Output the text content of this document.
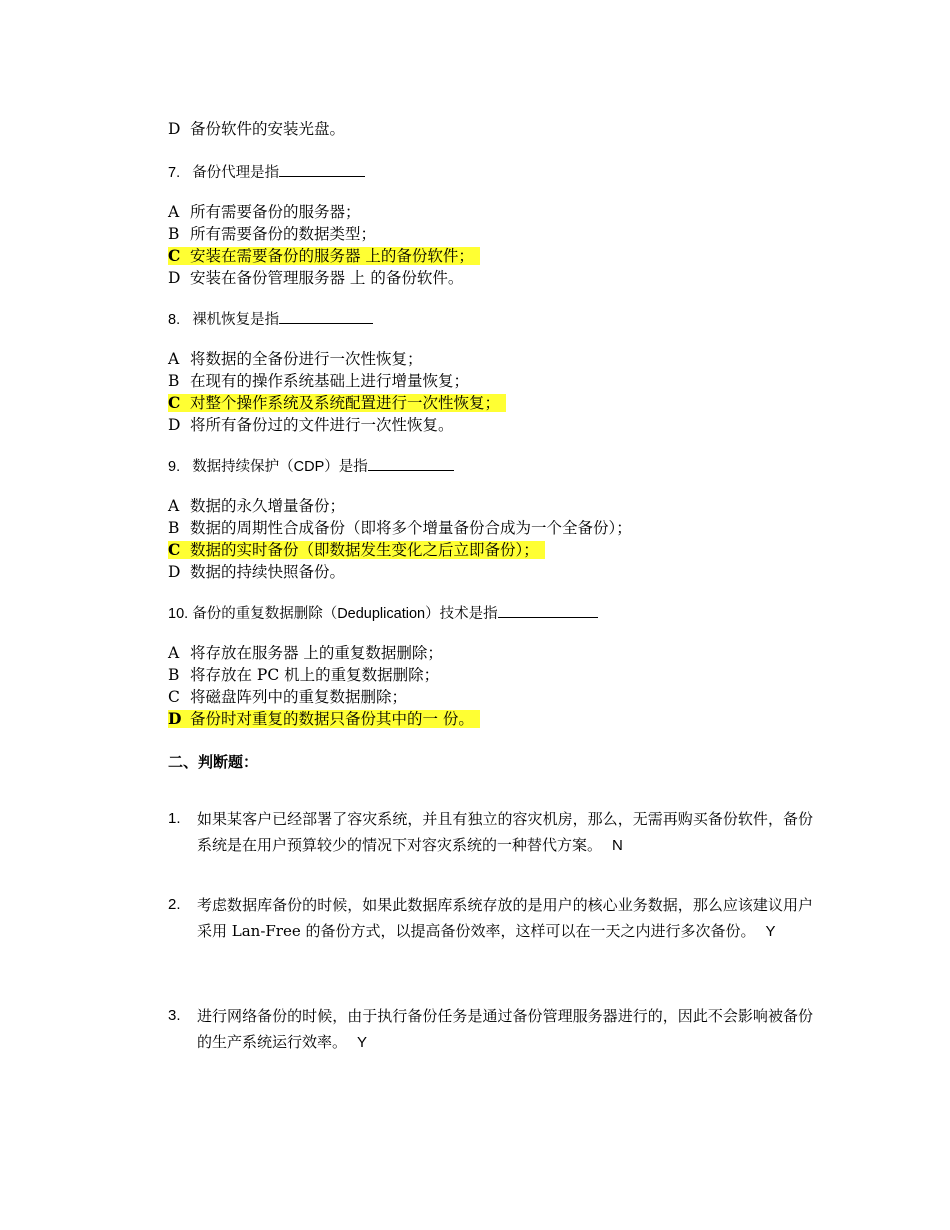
D 备份软件的安装光盘。
7. 备份代理是指
A 所有需要备份的服务器；
B 所有需要备份的数据类型；
C 安装在需要备份的服务器 上的备份软件；
D 安装在备份管理服务器 上 的备份软件。
8. 裸机恢复是指
A 将数据的全备份进行一次性恢复；
B 在现有的操作系统基础上进行增量恢复；
C 对整个操作系统及系统配置进行一次性恢复；
D 将所有备份过的文件进行一次性恢复。
9. 数据持续保护（CDP）是指
A 数据的永久增量备份；
B 数据的周期性合成备份（即将多个增量备份合成为一个全备份）；
C 数据的实时备份（即数据发生变化之后立即备份）；
D 数据的持续快照备份。
10. 备份的重复数据删除（Deduplication）技术是指
A 将存放在服务器 上的重复数据删除；
B 将存放在 PC 机上的重复数据删除；
C 将磁盘阵列中的重复数据删除；
D 备份时对重复的数据只备份其中的一 份。
二、判断题：
1.	如果某客户已经部署了容灾系统，并且有独立的容灾机房，那么，无需再购买备份软件，备份系统是在用户预算较少的情况下对容灾系统的一种替代方案。 N
2.	考虑数据库备份的时候，如果此数据库系统存放的是用户的核心业务数据，那么应该建议用户采用 Lan-Free 的备份方式，以提高备份效率，这样可以在一天之内进行多次备份。 Y
3.	进行网络备份的时候，由于执行备份任务是通过备份管理服务器进行的，因此不会影响被备份的生产系统运行效率。 Y
